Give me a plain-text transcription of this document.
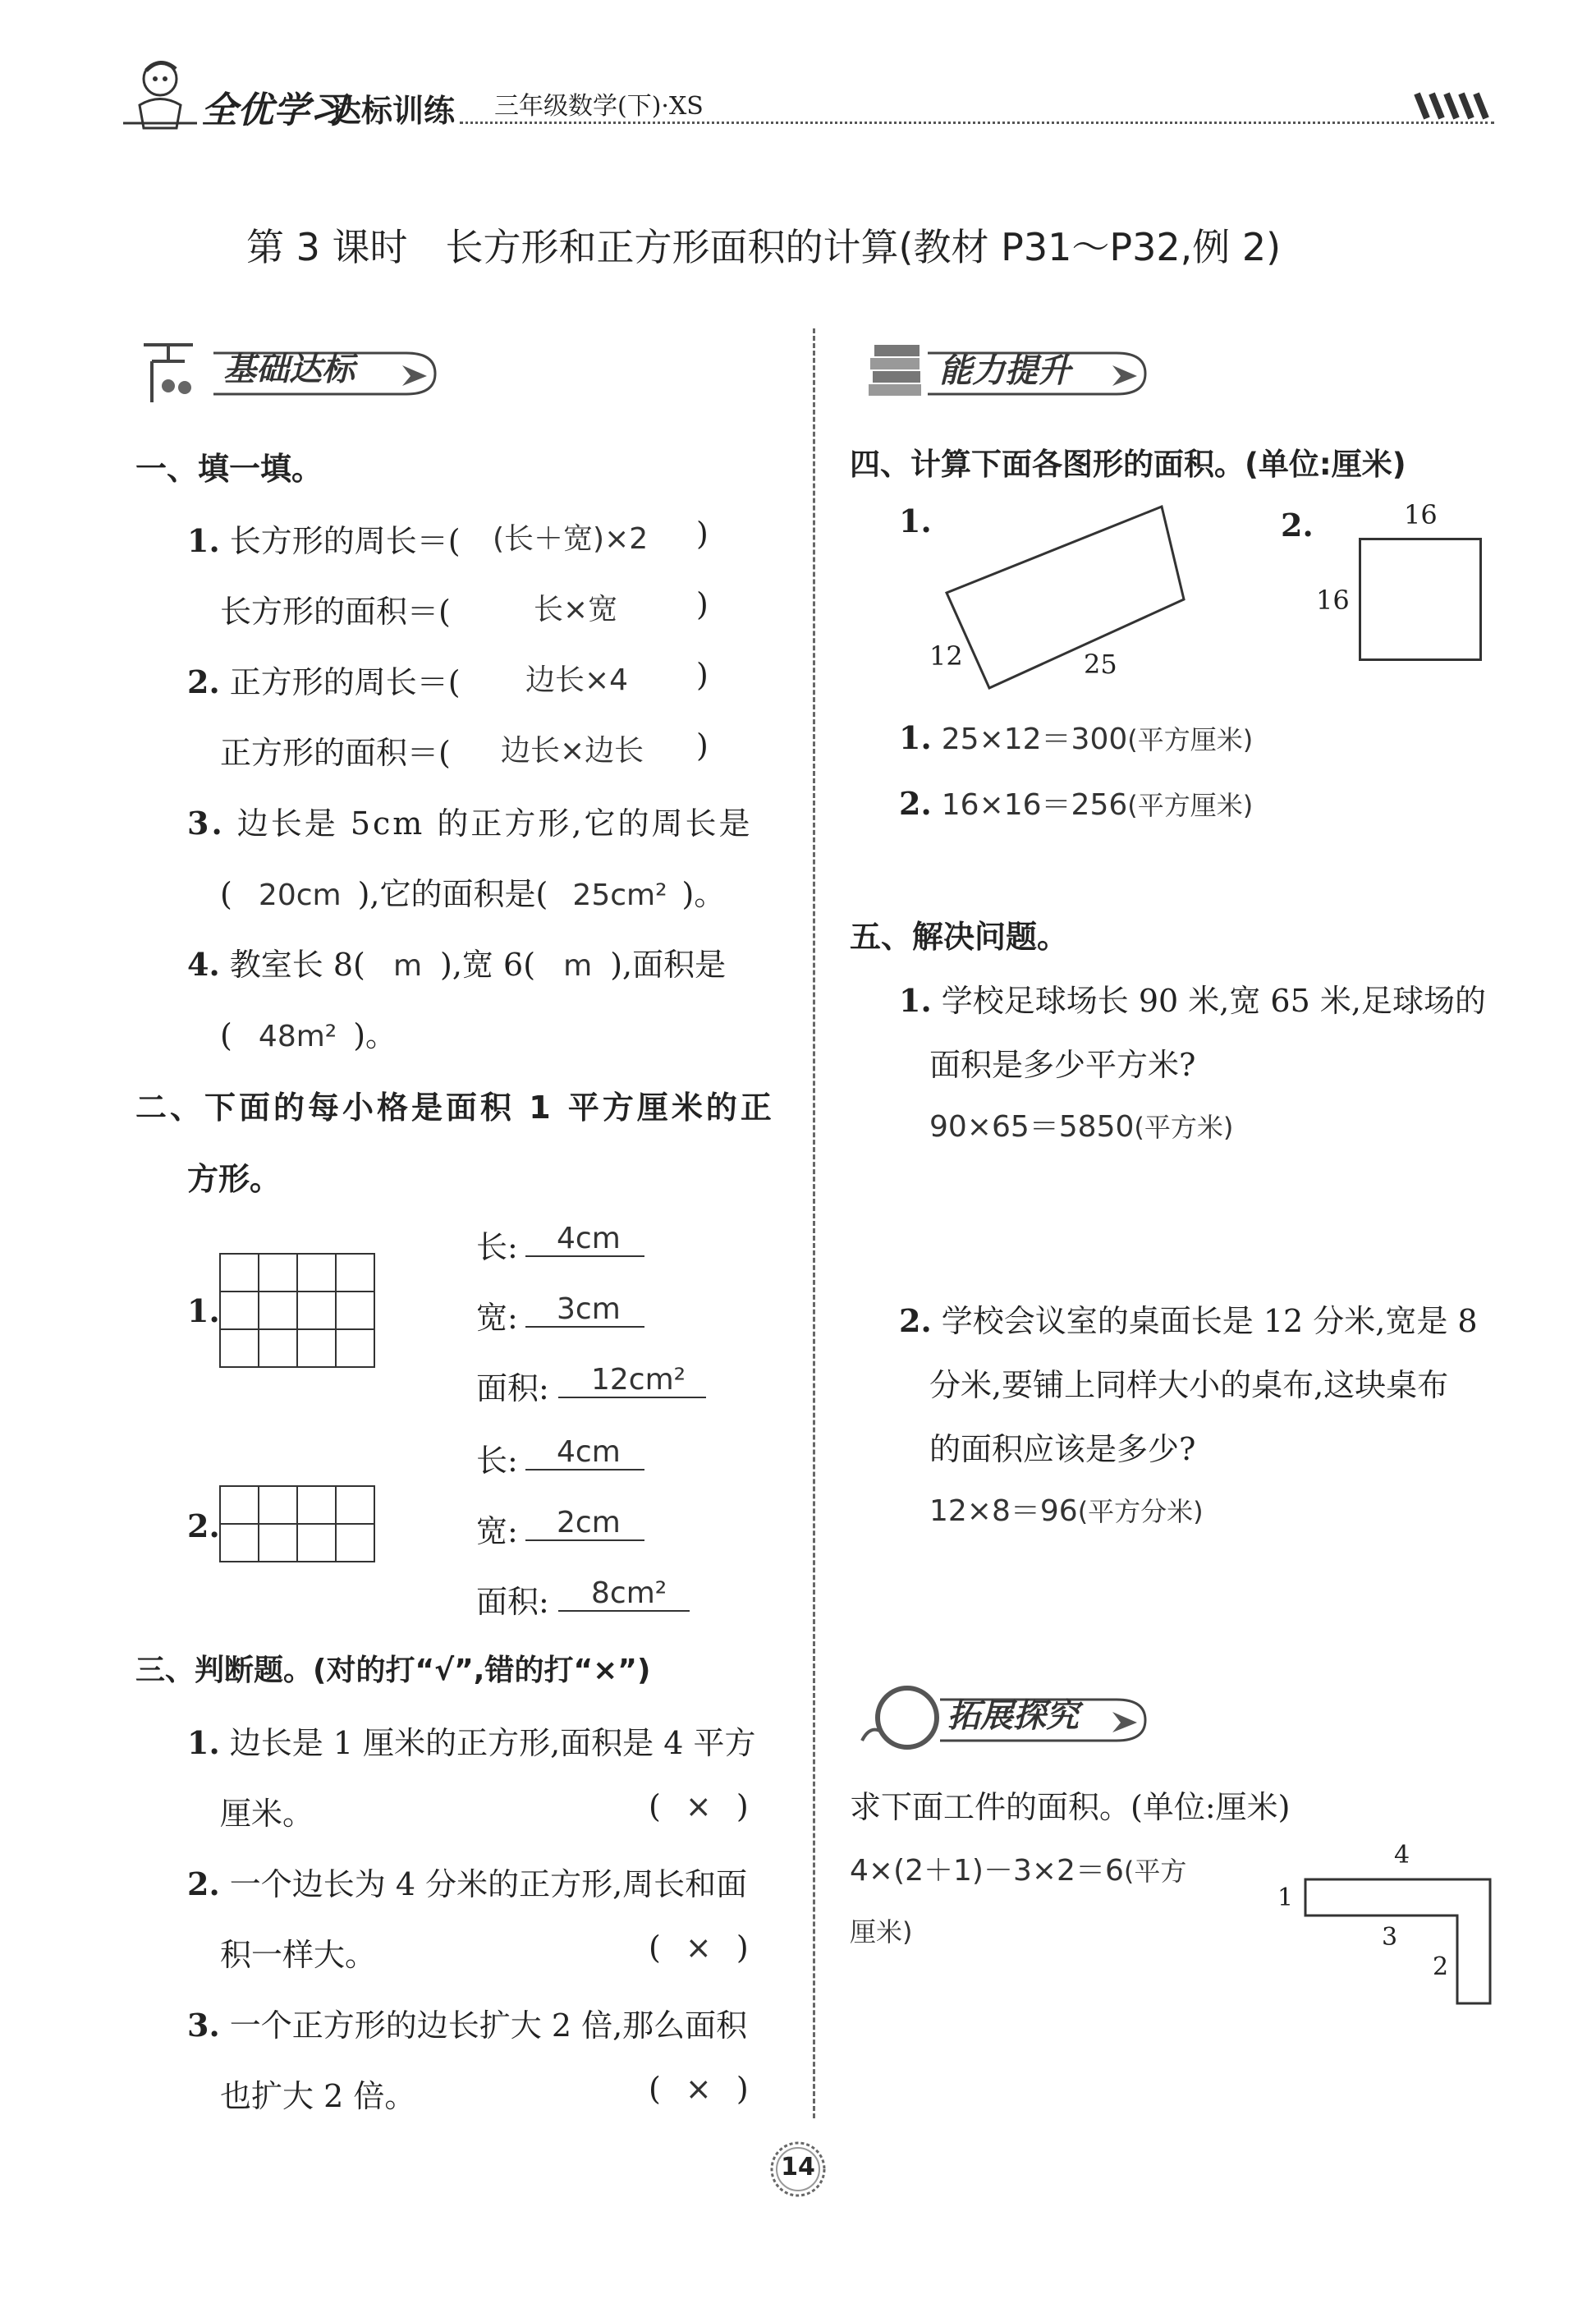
全优学习
达标训练 三年级数学(下)·XS
第 3 课时　长方形和正方形面积的计算(教材 P31～P32,例 2)
基础达标
一、填一填。
1. 长方形的周长＝( (长＋宽)×2 )
长方形的面积＝(	长×宽	)
2. 正方形的周长＝( 边长×4 )
正方形的面积＝( 边长×边长 )
3. 边长是 5cm 的正方形,它的周长是
( 20cm ),它的面积是( 25cm² )。
4. 教室长 8( m ),宽 6( m ),面积是
( 48m² )。
二、下面的每小格是面积 1 平方厘米的正
方形。
1.
长:	4cm
宽:	3cm
面积:	12cm²
2.
长:	4cm
宽:	2cm
面积:	8cm²
三、判断题。(对的打“√”,错的打“×”)
1. 边长是 1 厘米的正方形,面积是 4 平方
厘米。	( × )
2. 一个边长为 4 分米的正方形,周长和面
积一样大。	( × )
3. 一个正方形的边长扩大 2 倍,那么面积
也扩大 2 倍。	( × )
能力提升
四、计算下面各图形的面积。(单位:厘米)
1.
12	25
2.	16
16
1. 25×12＝300(平方厘米)
2. 16×16＝256(平方厘米)
五、解决问题。
1. 学校足球场长 90 米,宽 65 米,足球场的
面积是多少平方米?
90×65＝5850(平方米)
2. 学校会议室的桌面长是 12 分米,宽是 8
分米,要铺上同样大小的桌布,这块桌布
的面积应该是多少?
12×8＝96(平方分米)
拓展探究
求下面工件的面积。(单位:厘米)
4×(2＋1)－3×2＝6(平方
厘米)
4
1
3
2
14
